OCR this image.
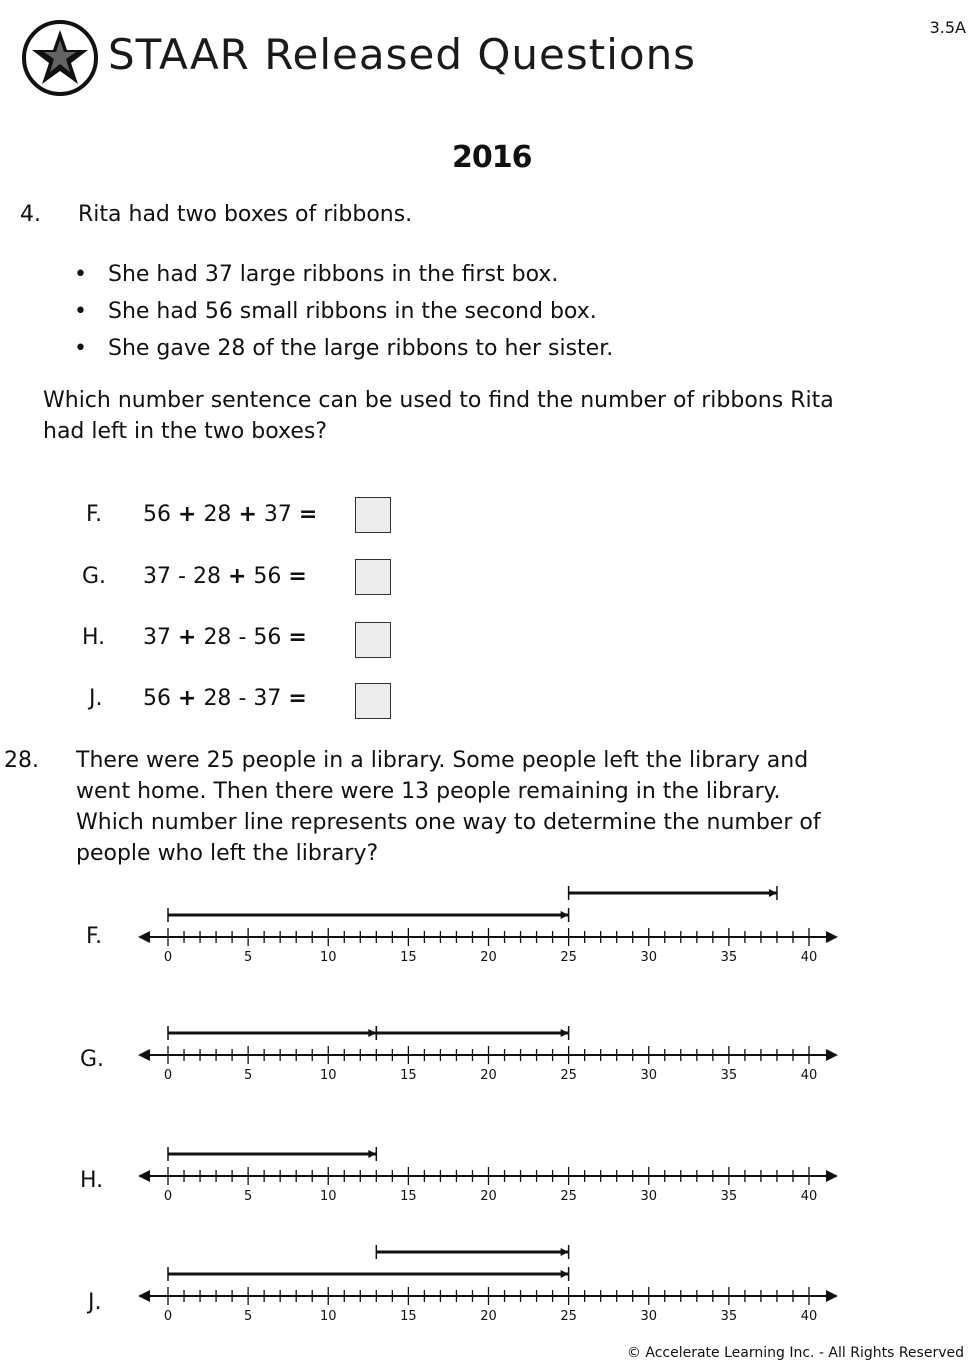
STAAR Released Questions
3.5A
2016
4. Rita had two boxes of ribbons.
• She had 37 large ribbons in the first box.
• She had 56 small ribbons in the second box.
• She gave 28 of the large ribbons to her sister.
Which number sentence can be used to find the number of ribbons Rita
had left in the two boxes?
F. 56 + 28 + 37 =
G. 37 - 28 + 56 =
H. 37 + 28 - 56 =
J. 56 + 28 - 37 =
28. There were 25 people in a library. Some people left the library and
went home. Then there were 13 people remaining in the library.
Which number line represents one way to determine the number of
people who left the library?
F.
G.
H.
J.
0	5	10	15	20	25	30	35	40
0	5	10	15	20	25	30	35	40
0	5	10	15	20	25	30	35	40
0	5	10	15	20	25	30	35	40
© Accelerate Learning Inc. - All Rights Reserved
